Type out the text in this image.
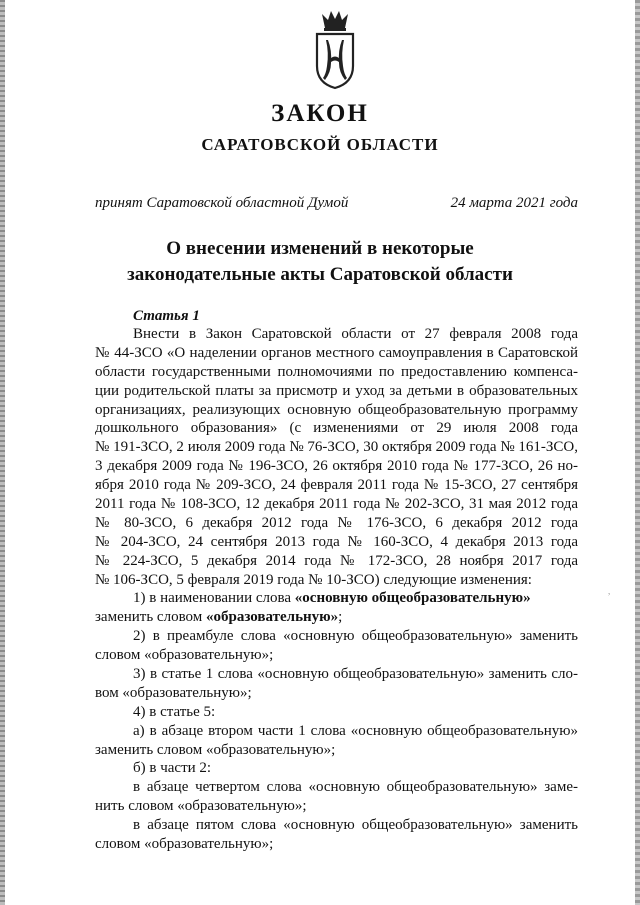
ЗАКОН
САРАТОВСКОЙ ОБЛАСТИ
принят Саратовской областной Думой	24 марта 2021 года
О внесении изменений в некоторые
законодательные акты Саратовской области
Статья 1
Внести в Закон Саратовской области от 27 февраля 2008 года
№ 44-ЗСО «О наделении органов местного самоуправления в Саратовской
области государственными полномочиями по предоставлению компенса-
ции родительской платы за присмотр и уход за детьми в образовательных
организациях, реализующих основную общеобразовательную программу
дошкольного образования» (с изменениями от 29 июля 2008 года
№ 191-ЗСО, 2 июля 2009 года № 76-ЗСО, 30 октября 2009 года № 161-ЗСО,
3 декабря 2009 года № 196-ЗСО, 26 октября 2010 года № 177-ЗСО, 26 но-
ября 2010 года № 209-ЗСО, 24 февраля 2011 года № 15-ЗСО, 27 сентября
2011 года № 108-ЗСО, 12 декабря 2011 года № 202-ЗСО, 31 мая 2012 года
№ 80-ЗСО, 6 декабря 2012 года № 176-ЗСО, 6 декабря 2012 года
№ 204-ЗСО, 24 сентября 2013 года № 160-ЗСО, 4 декабря 2013 года
№ 224-ЗСО, 5 декабря 2014 года № 172-ЗСО, 28 ноября 2017 года
№ 106-ЗСО, 5 февраля 2019 года № 10-ЗСО) следующие изменения:
1) в наименовании слова «основную общеобразовательную»
заменить словом «образовательную»;
2) в преамбуле слова «основную общеобразовательную» заменить
словом «образовательную»;
3) в статье 1 слова «основную общеобразовательную» заменить сло-
вом «образовательную»;
4) в статье 5:
а) в абзаце втором части 1 слова «основную общеобразовательную»
заменить словом «образовательную»;
б) в части 2:
в абзаце четвертом слова «основную общеобразовательную» заме-
нить словом «образовательную»;
в абзаце пятом слова «основную общеобразовательную» заменить
словом «образовательную»;
,
